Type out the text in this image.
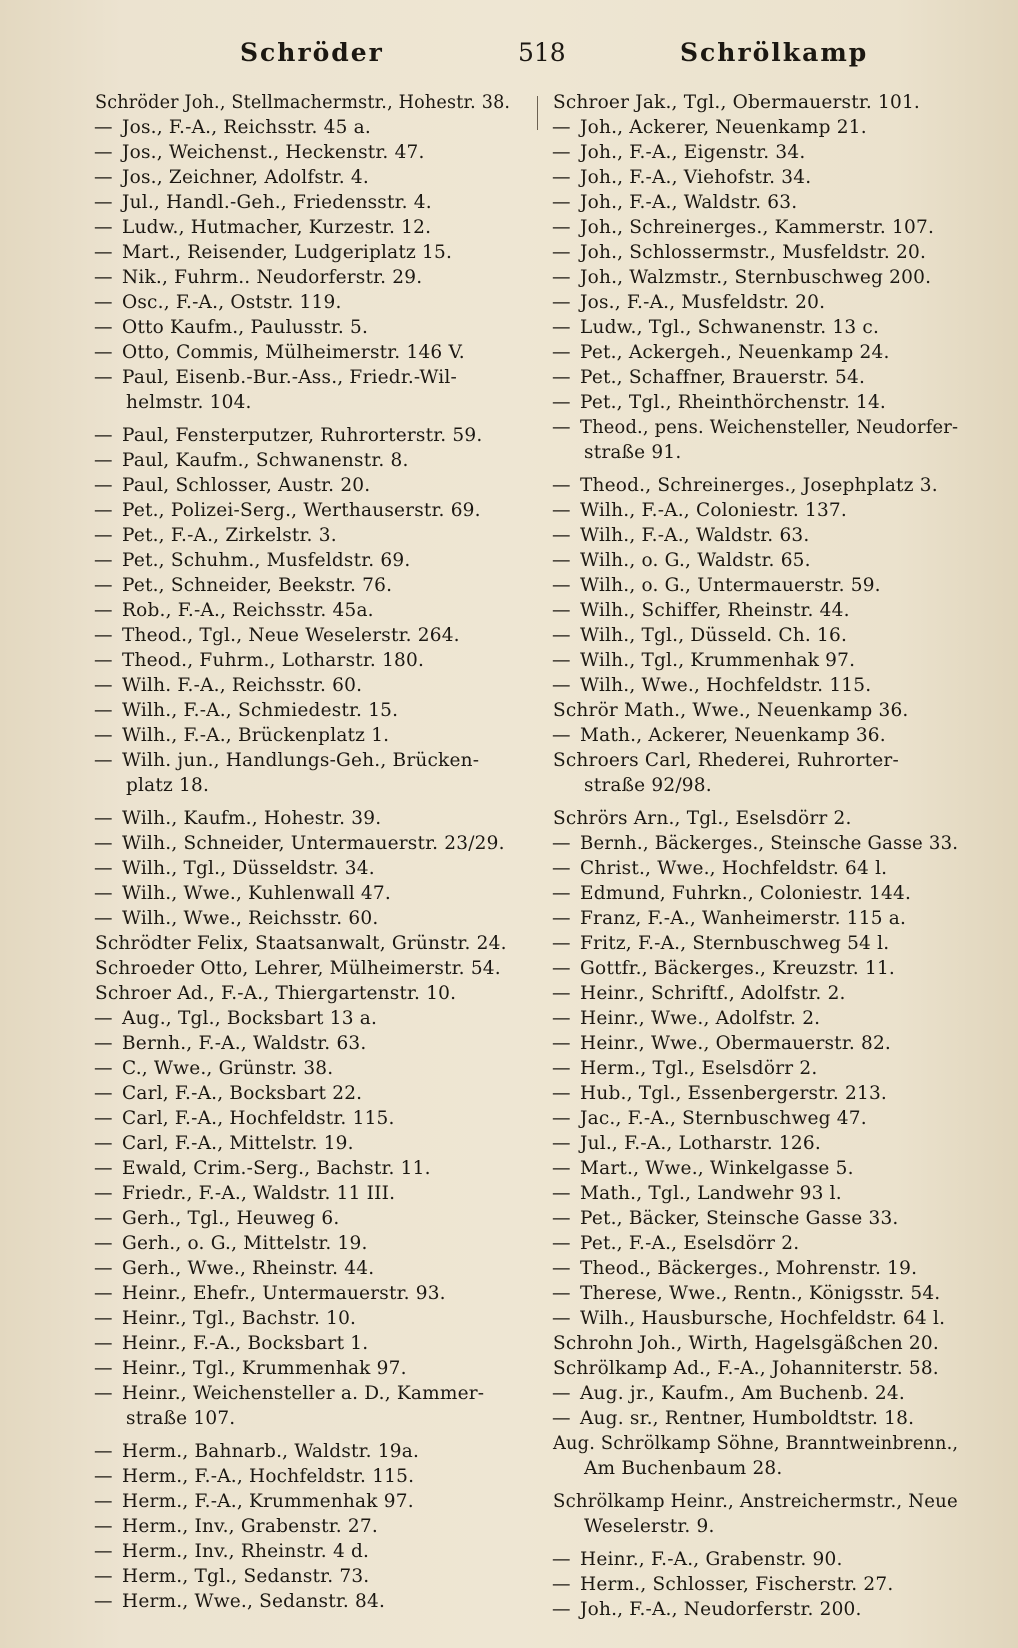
Schröder	518	Schrölkamp
Schröder Joh., Stellmachermstr., Hohestr. 38.
— Jos., F.-A., Reichsstr. 45 a.
— Jos., Weichenst., Heckenstr. 47.
— Jos., Zeichner, Adolfstr. 4.
— Jul., Handl.-Geh., Friedensstr. 4.
— Ludw., Hutmacher, Kurzestr. 12.
— Mart., Reisender, Ludgeriplatz 15.
— Nik., Fuhrm.. Neudorferstr. 29.
— Osc., F.-A., Oststr. 119.
— Otto Kaufm., Paulusstr. 5.
— Otto, Commis, Mülheimerstr. 146 V.
— Paul, Eisenb.-Bur.-Ass., Friedr.-Wil-
helmstr. 104.
— Paul, Fensterputzer, Ruhrorterstr. 59.
— Paul, Kaufm., Schwanenstr. 8.
— Paul, Schlosser, Austr. 20.
— Pet., Polizei-Serg., Werthauserstr. 69.
— Pet., F.-A., Zirkelstr. 3.
— Pet., Schuhm., Musfeldstr. 69.
— Pet., Schneider, Beekstr. 76.
— Rob., F.-A., Reichsstr. 45a.
— Theod., Tgl., Neue Weselerstr. 264.
— Theod., Fuhrm., Lotharstr. 180.
— Wilh. F.-A., Reichsstr. 60.
— Wilh., F.-A., Schmiedestr. 15.
— Wilh., F.-A., Brückenplatz 1.
— Wilh. jun., Handlungs-Geh., Brücken-
platz 18.
— Wilh., Kaufm., Hohestr. 39.
— Wilh., Schneider, Untermauerstr. 23/29.
— Wilh., Tgl., Düsseldstr. 34.
— Wilh., Wwe., Kuhlenwall 47.
— Wilh., Wwe., Reichsstr. 60.
Schrödter Felix, Staatsanwalt, Grünstr. 24.
Schroeder Otto, Lehrer, Mülheimerstr. 54.
Schroer Ad., F.-A., Thiergartenstr. 10.
— Aug., Tgl., Bocksbart 13 a.
— Bernh., F.-A., Waldstr. 63.
— C., Wwe., Grünstr. 38.
— Carl, F.-A., Bocksbart 22.
— Carl, F.-A., Hochfeldstr. 115.
— Carl, F.-A., Mittelstr. 19.
— Ewald, Crim.-Serg., Bachstr. 11.
— Friedr., F.-A., Waldstr. 11 III.
— Gerh., Tgl., Heuweg 6.
— Gerh., o. G., Mittelstr. 19.
— Gerh., Wwe., Rheinstr. 44.
— Heinr., Ehefr., Untermauerstr. 93.
— Heinr., Tgl., Bachstr. 10.
— Heinr., F.-A., Bocksbart 1.
— Heinr., Tgl., Krummenhak 97.
— Heinr., Weichensteller a. D., Kammer-
straße 107.
— Herm., Bahnarb., Waldstr. 19a.
— Herm., F.-A., Hochfeldstr. 115.
— Herm., F.-A., Krummenhak 97.
— Herm., Inv., Grabenstr. 27.
— Herm., Inv., Rheinstr. 4 d.
— Herm., Tgl., Sedanstr. 73.
— Herm., Wwe., Sedanstr. 84.
Schroer Jak., Tgl., Obermauerstr. 101.
— Joh., Ackerer, Neuenkamp 21.
— Joh., F.-A., Eigenstr. 34.
— Joh., F.-A., Viehofstr. 34.
— Joh., F.-A., Waldstr. 63.
— Joh., Schreinerges., Kammerstr. 107.
— Joh., Schlossermstr., Musfeldstr. 20.
— Joh., Walzmstr., Sternbuschweg 200.
— Jos., F.-A., Musfeldstr. 20.
— Ludw., Tgl., Schwanenstr. 13 c.
— Pet., Ackergeh., Neuenkamp 24.
— Pet., Schaffner, Brauerstr. 54.
— Pet., Tgl., Rheinthörchenstr. 14.
— Theod., pens. Weichensteller, Neudorfer-
straße 91.
— Theod., Schreinerges., Josephplatz 3.
— Wilh., F.-A., Coloniestr. 137.
— Wilh., F.-A., Waldstr. 63.
— Wilh., o. G., Waldstr. 65.
— Wilh., o. G., Untermauerstr. 59.
— Wilh., Schiffer, Rheinstr. 44.
— Wilh., Tgl., Düsseld. Ch. 16.
— Wilh., Tgl., Krummenhak 97.
— Wilh., Wwe., Hochfeldstr. 115.
Schrör Math., Wwe., Neuenkamp 36.
— Math., Ackerer, Neuenkamp 36.
Schroers Carl, Rhederei, Ruhrorter-
straße 92/98.
Schrörs Arn., Tgl., Eselsdörr 2.
— Bernh., Bäckerges., Steinsche Gasse 33.
— Christ., Wwe., Hochfeldstr. 64 l.
— Edmund, Fuhrkn., Coloniestr. 144.
— Franz, F.-A., Wanheimerstr. 115 a.
— Fritz, F.-A., Sternbuschweg 54 l.
— Gottfr., Bäckerges., Kreuzstr. 11.
— Heinr., Schriftf., Adolfstr. 2.
— Heinr., Wwe., Adolfstr. 2.
— Heinr., Wwe., Obermauerstr. 82.
— Herm., Tgl., Eselsdörr 2.
— Hub., Tgl., Essenbergerstr. 213.
— Jac., F.-A., Sternbuschweg 47.
— Jul., F.-A., Lotharstr. 126.
— Mart., Wwe., Winkelgasse 5.
— Math., Tgl., Landwehr 93 l.
— Pet., Bäcker, Steinsche Gasse 33.
— Pet., F.-A., Eselsdörr 2.
— Theod., Bäckerges., Mohrenstr. 19.
— Therese, Wwe., Rentn., Königsstr. 54.
— Wilh., Hausbursche, Hochfeldstr. 64 l.
Schrohn Joh., Wirth, Hagelsgäßchen 20.
Schrölkamp Ad., F.-A., Johanniterstr. 58.
— Aug. jr., Kaufm., Am Buchenb. 24.
— Aug. sr., Rentner, Humboldtstr. 18.
Aug. Schrölkamp Söhne, Branntweinbrenn.,
Am Buchenbaum 28.
Schrölkamp Heinr., Anstreichermstr., Neue
Weselerstr. 9.
— Heinr., F.-A., Grabenstr. 90.
— Herm., Schlosser, Fischerstr. 27.
— Joh., F.-A., Neudorferstr. 200.
